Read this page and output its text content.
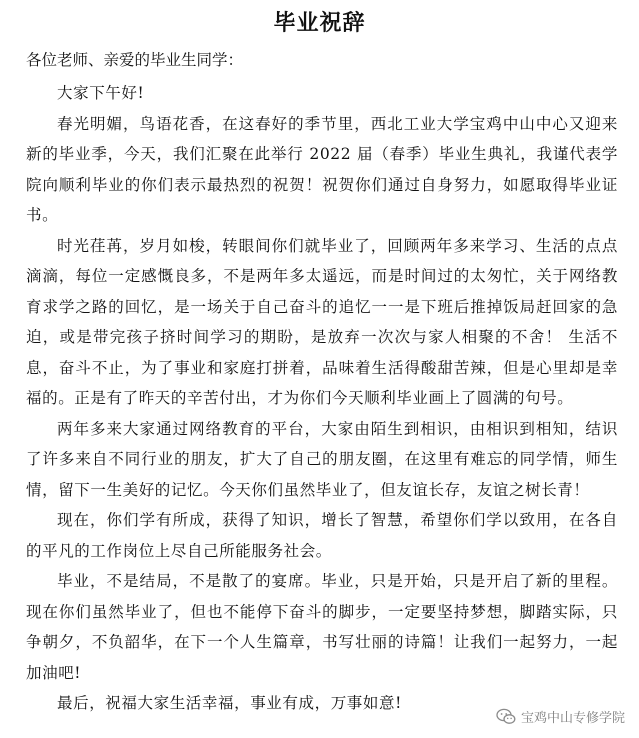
毕业祝辞
各位老师、亲爱的毕业生同学：

大家下午好!

春光明媚，鸟语花香，在这春好的季节里，西北工业大学宝鸡中山中心又迎来新的毕业季，今天，我们汇聚在此举行 2022 届（春季）毕业生典礼，我谨代表学院向顺利毕业的你们表示最热烈的祝贺！祝贺你们通过自身努力，如愿取得毕业证书。

时光荏苒，岁月如梭，转眼间你们就毕业了，回顾两年多来学习、生活的点点滴滴，每位一定感慨良多，不是两年多太遥远，而是时间过的太匆忙，关于网络教育求学之路的回忆，是一场关于自己奋斗的追忆一一是下班后推掉饭局赶回家的急迫，或是带完孩子挤时间学习的期盼，是放弃一次次与家人相聚的不舍！ 生活不息，奋斗不止，为了事业和家庭打拼着，品味着生活得酸甜苦辣，但是心里却是幸福的。正是有了昨天的辛苦付出，才为你们今天顺利毕业画上了圆满的句号。

两年多来大家通过网络教育的平台，大家由陌生到相识，由相识到相知，结识了许多来自不同行业的朋友，扩大了自己的朋友圈，在这里有难忘的同学情，师生情，留下一生美好的记忆。今天你们虽然毕业了，但友谊长存，友谊之树长青！

现在，你们学有所成，获得了知识，增长了智慧，希望你们学以致用，在各自的平凡的工作岗位上尽自己所能服务社会。

毕业，不是结局，不是散了的宴席。毕业，只是开始，只是开启了新的里程。现在你们虽然毕业了，但也不能停下奋斗的脚步，一定要坚持梦想，脚踏实际，只争朝夕，不负韶华，在下一个人生篇章，书写壮丽的诗篇！让我们一起努力，一起加油吧!

最后，祝福大家生活幸福，事业有成，万事如意!

宝鸡中山专修学院
